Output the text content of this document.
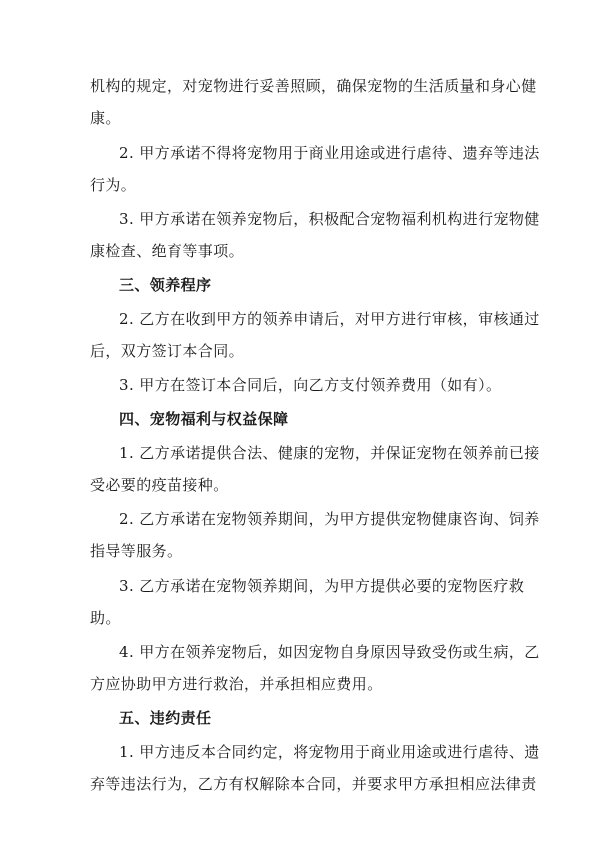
机构的规定，对宠物进行妥善照顾，确保宠物的生活质量和身心健
康。
2. 甲方承诺不得将宠物用于商业用途或进行虐待、遗弃等违法
行为。
3. 甲方承诺在领养宠物后，积极配合宠物福利机构进行宠物健
康检查、绝育等事项。
三、领养程序
2. 乙方在收到甲方的领养申请后，对甲方进行审核，审核通过
后，双方签订本合同。
3. 甲方在签订本合同后，向乙方支付领养费用（如有）。
四、宠物福利与权益保障
1. 乙方承诺提供合法、健康的宠物，并保证宠物在领养前已接
受必要的疫苗接种。
2. 乙方承诺在宠物领养期间，为甲方提供宠物健康咨询、饲养
指导等服务。
3. 乙方承诺在宠物领养期间，为甲方提供必要的宠物医疗救
助。
4. 甲方在领养宠物后，如因宠物自身原因导致受伤或生病，乙
方应协助甲方进行救治，并承担相应费用。
五、违约责任
1. 甲方违反本合同约定，将宠物用于商业用途或进行虐待、遗
弃等违法行为，乙方有权解除本合同，并要求甲方承担相应法律责
